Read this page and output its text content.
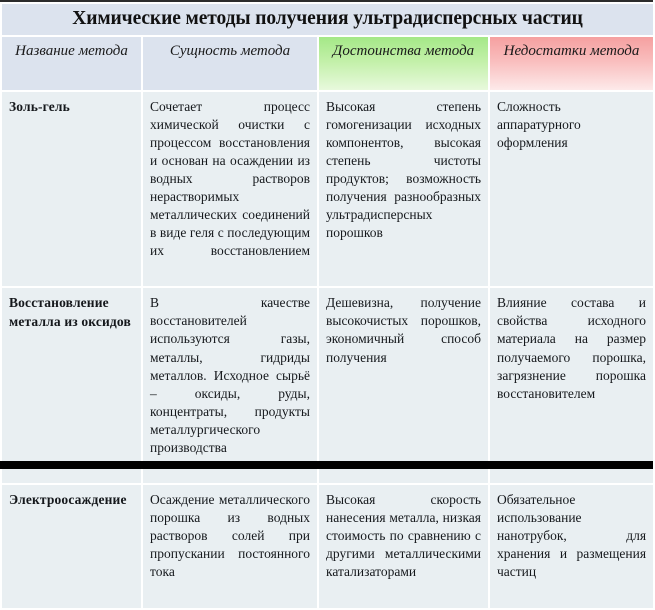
Химические методы получения ультрадисперсных частиц			
Название метода	Сущность метода	Достоинства метода	Недостатки метода

Золь-гель	Сочетает процесс химической очистки с процессом восстановления и основан на осаждении из водных растворов нерастворимых металлических соединений в виде геля с последующим их восстановлением	Высокая степень гомогенизации исходных компонентов, высокая степень чистоты продуктов; возможность получения разнообразных ультрадисперсных порошков	Сложность аппаратурного оформления

Восстановление металла из оксидов	В качестве восстановителей используются газы, металлы, гидриды металлов. Исходное сырьё – оксиды, руды, концентраты, продукты металлургического производства	Дешевизна, получение высокочистых порошков, экономичный способ получения	Влияние состава и свойства исходного материала на размер получаемого порошка, загрязнение порошка восстановителем

Электроосаждение	Осаждение металлического порошка из водных растворов солей при пропускании постоянного тока	Высокая скорость нанесения металла, низкая стоимость по сравнению с другими металлическими катализаторами	Обязательное использование нанотрубок, для хранения и размещения частиц
